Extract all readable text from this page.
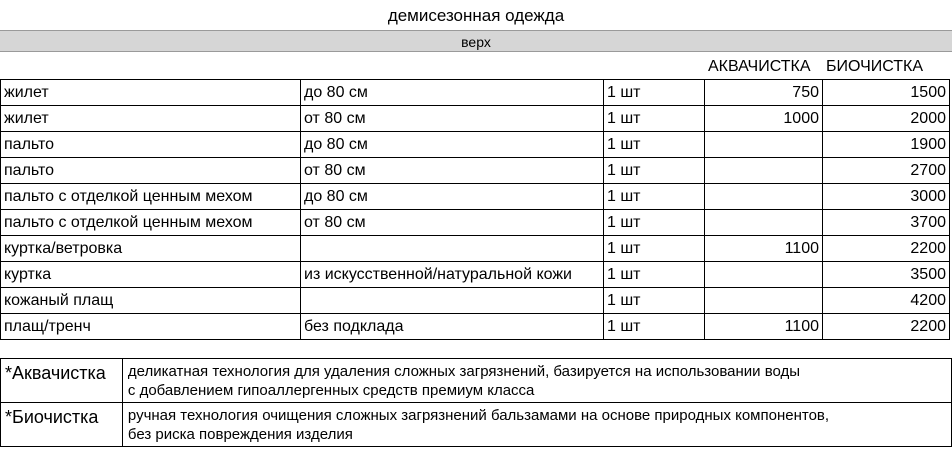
демисезонная одежда
верх
АКВАЧИСТКА БИОЧИСТКА
жилет	до 80 см	1 шт	750	1500
жилет	от 80 см	1 шт	1000	2000
пальто	до 80 см	1 шт		1900
пальто	от 80 см	1 шт		2700
пальто с отделкой ценным мехом	до 80 см	1 шт		3000
пальто с отделкой ценным мехом	от 80 см	1 шт		3700
куртка/ветровка		1 шт	1100	2200
куртка	из искусственной/натуральной кожи	1 шт		3500
кожаный плащ		1 шт		4200
плащ/тренч	без подклада	1 шт	1100	2200
*Аквачистка	деликатная технология для удаления сложных загрязнений, базируется на использовании воды
с добавлением гипоаллергенных средств премиум класса

*Биочистка	ручная технология очищения сложных загрязнений бальзамами на основе природных компонентов,
без риска повреждения изделия
